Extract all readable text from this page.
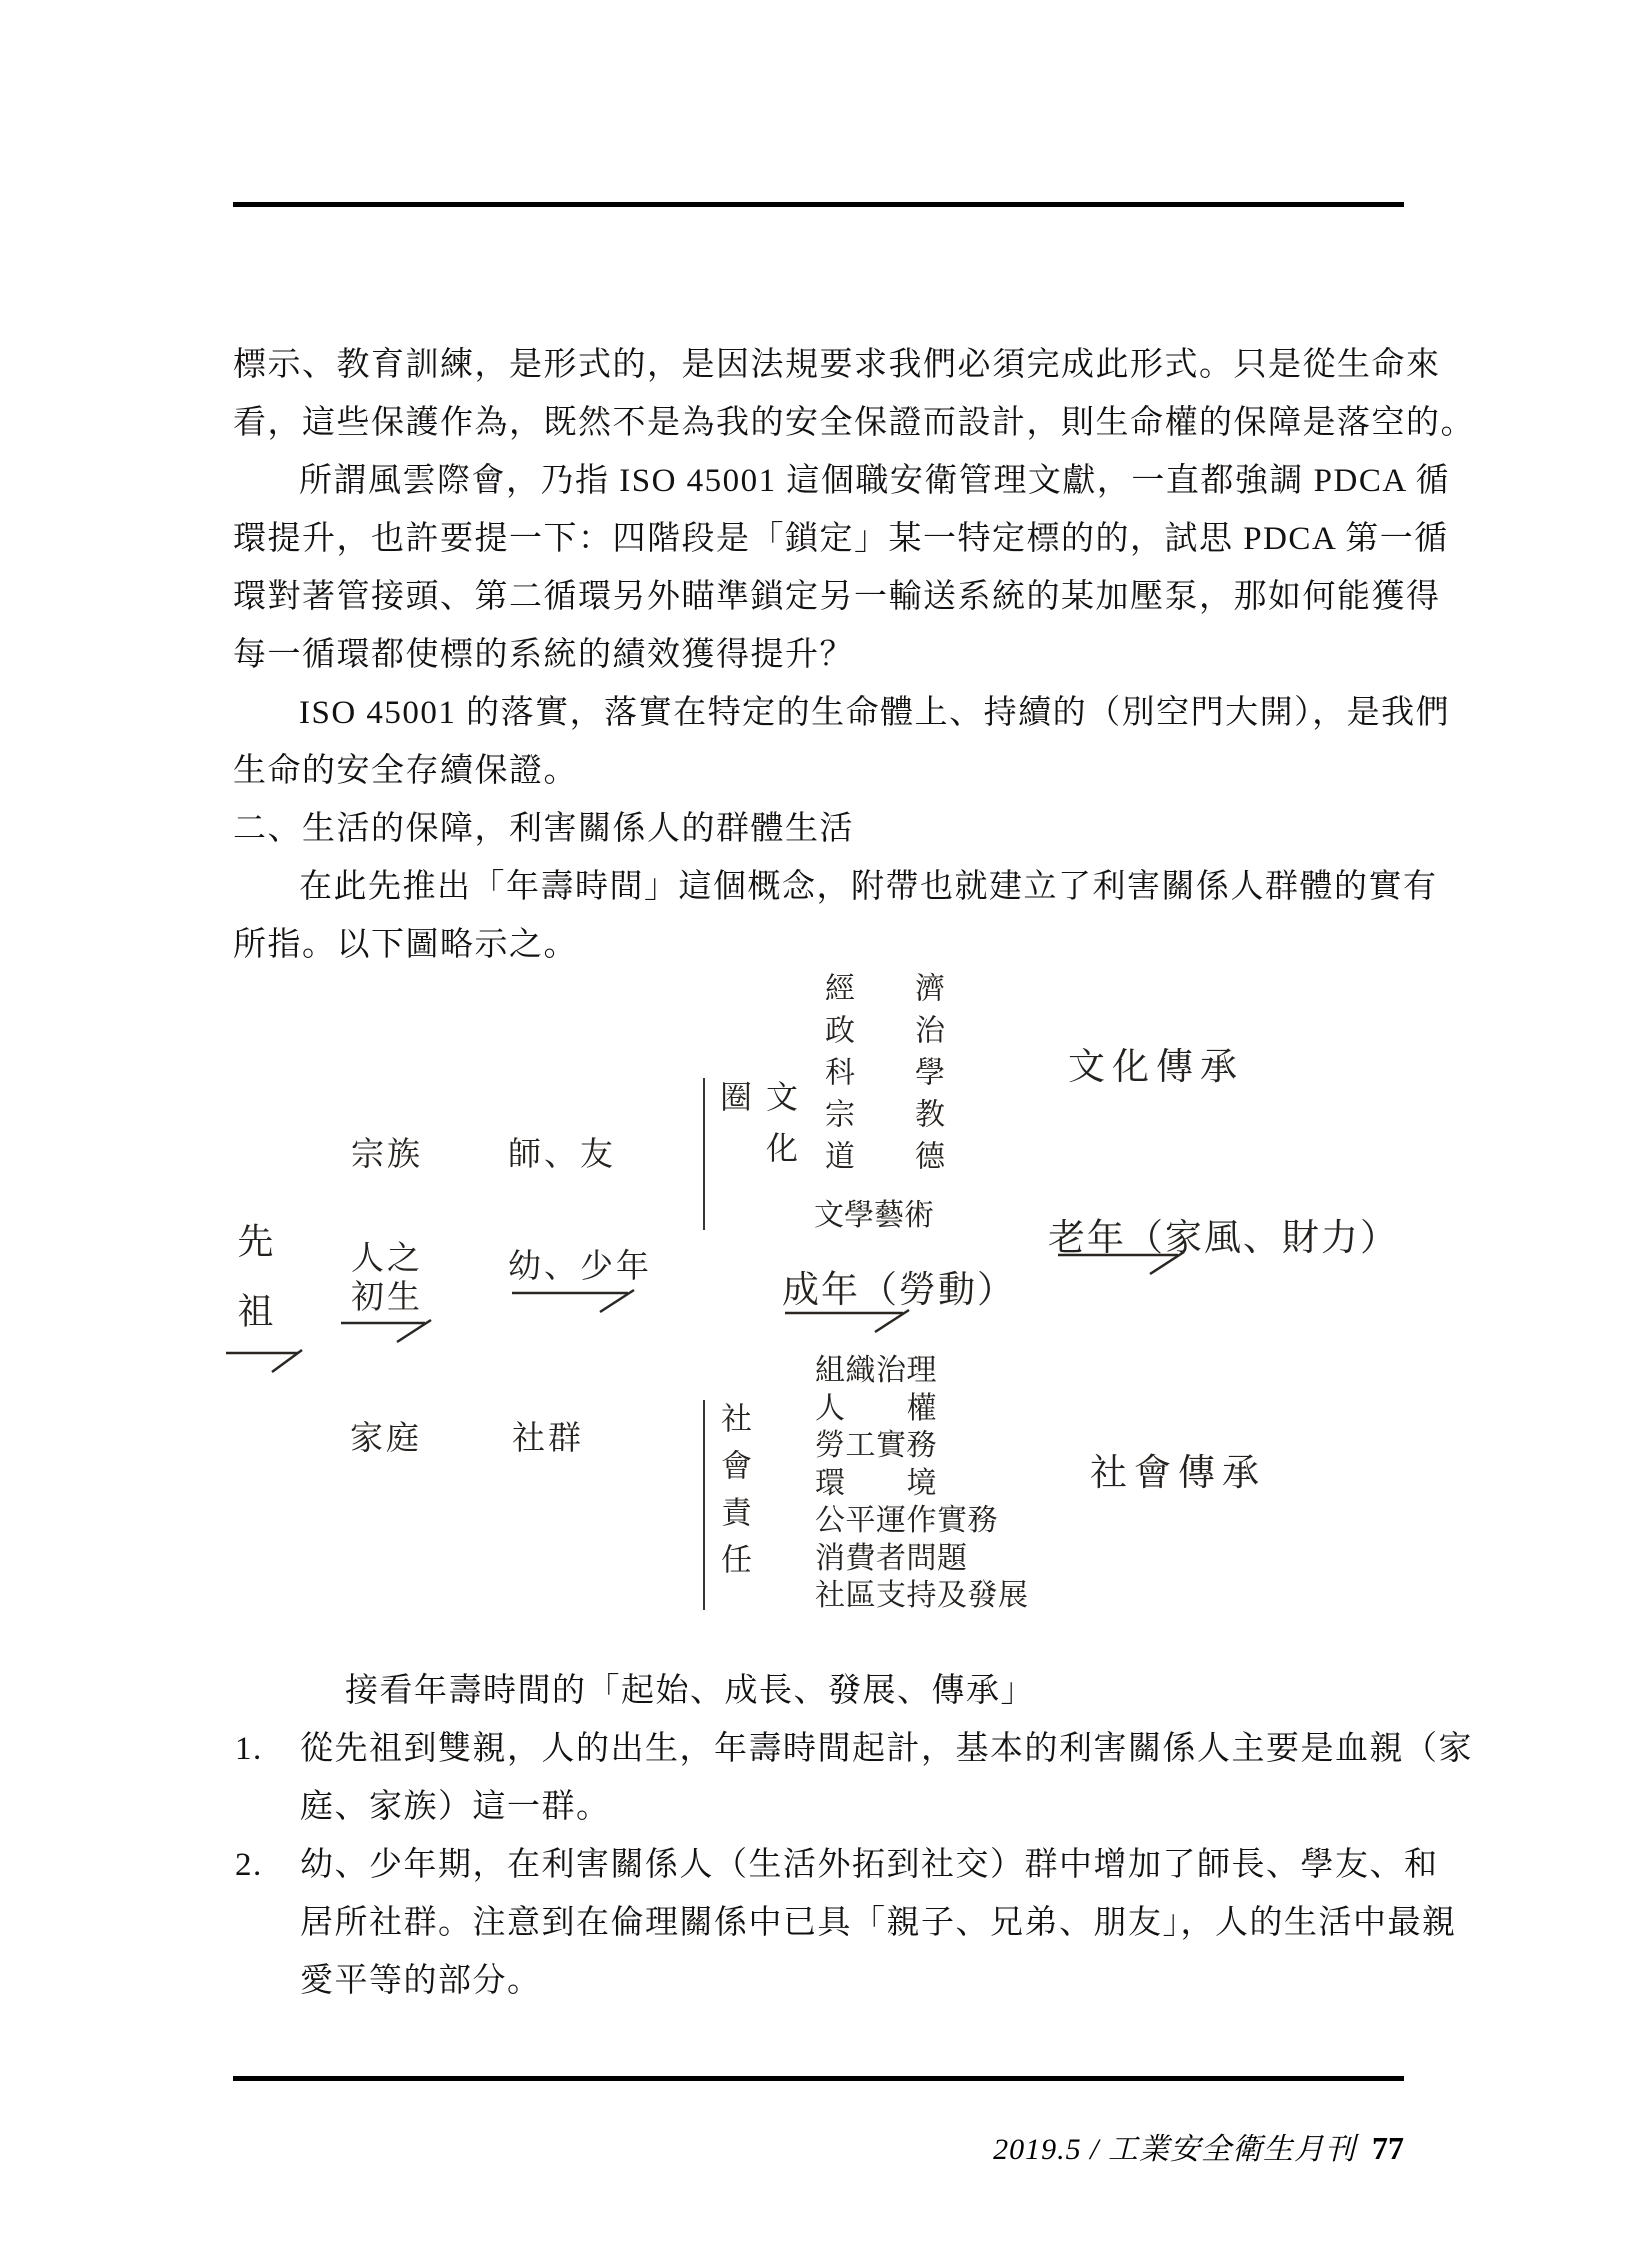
標示、教育訓練，是形式的，是因法規要求我們必須完成此形式。只是從生命來
看，這些保護作為，既然不是為我的安全保證而設計，則生命權的保障是落空的。
所謂風雲際會，乃指 ISO 45001 這個職安衛管理文獻，一直都強調 PDCA 循
環提升，也許要提一下：四階段是「鎖定」某一特定標的的，試思 PDCA 第一循
環對著管接頭、第二循環另外瞄準鎖定另一輸送系統的某加壓泵，那如何能獲得
每一循環都使標的系統的績效獲得提升？
ISO 45001 的落實，落實在特定的生命體上、持續的（別空門大開），是我們
生命的安全存續保證。
二、生活的保障，利害關係人的群體生活
在此先推出「年壽時間」這個概念，附帶也就建立了利害關係人群體的實有
所指。以下圖略示之。
先祖
宗族	師、友
人之
初生
幼、少年
家庭	社群
文化圈
社會責任
經政科宗道 濟治學教德
文學藝術
文化傳承
老年（家風、財力）
成年（勞動）
組織治理
人　　權
勞工實務
環　　境
公平運作實務
消費者問題
社區支持及發展
社會傳承
接看年壽時間的「起始、成長、發展、傳承」
1. 從先祖到雙親，人的出生，年壽時間起計，基本的利害關係人主要是血親（家
庭、家族）這一群。
2. 幼、少年期，在利害關係人（生活外拓到社交）群中增加了師長、學友、和
居所社群。注意到在倫理關係中已具「親子、兄弟、朋友」，人的生活中最親
愛平等的部分。
2019.5 / 工業安全衛生月刊 77
